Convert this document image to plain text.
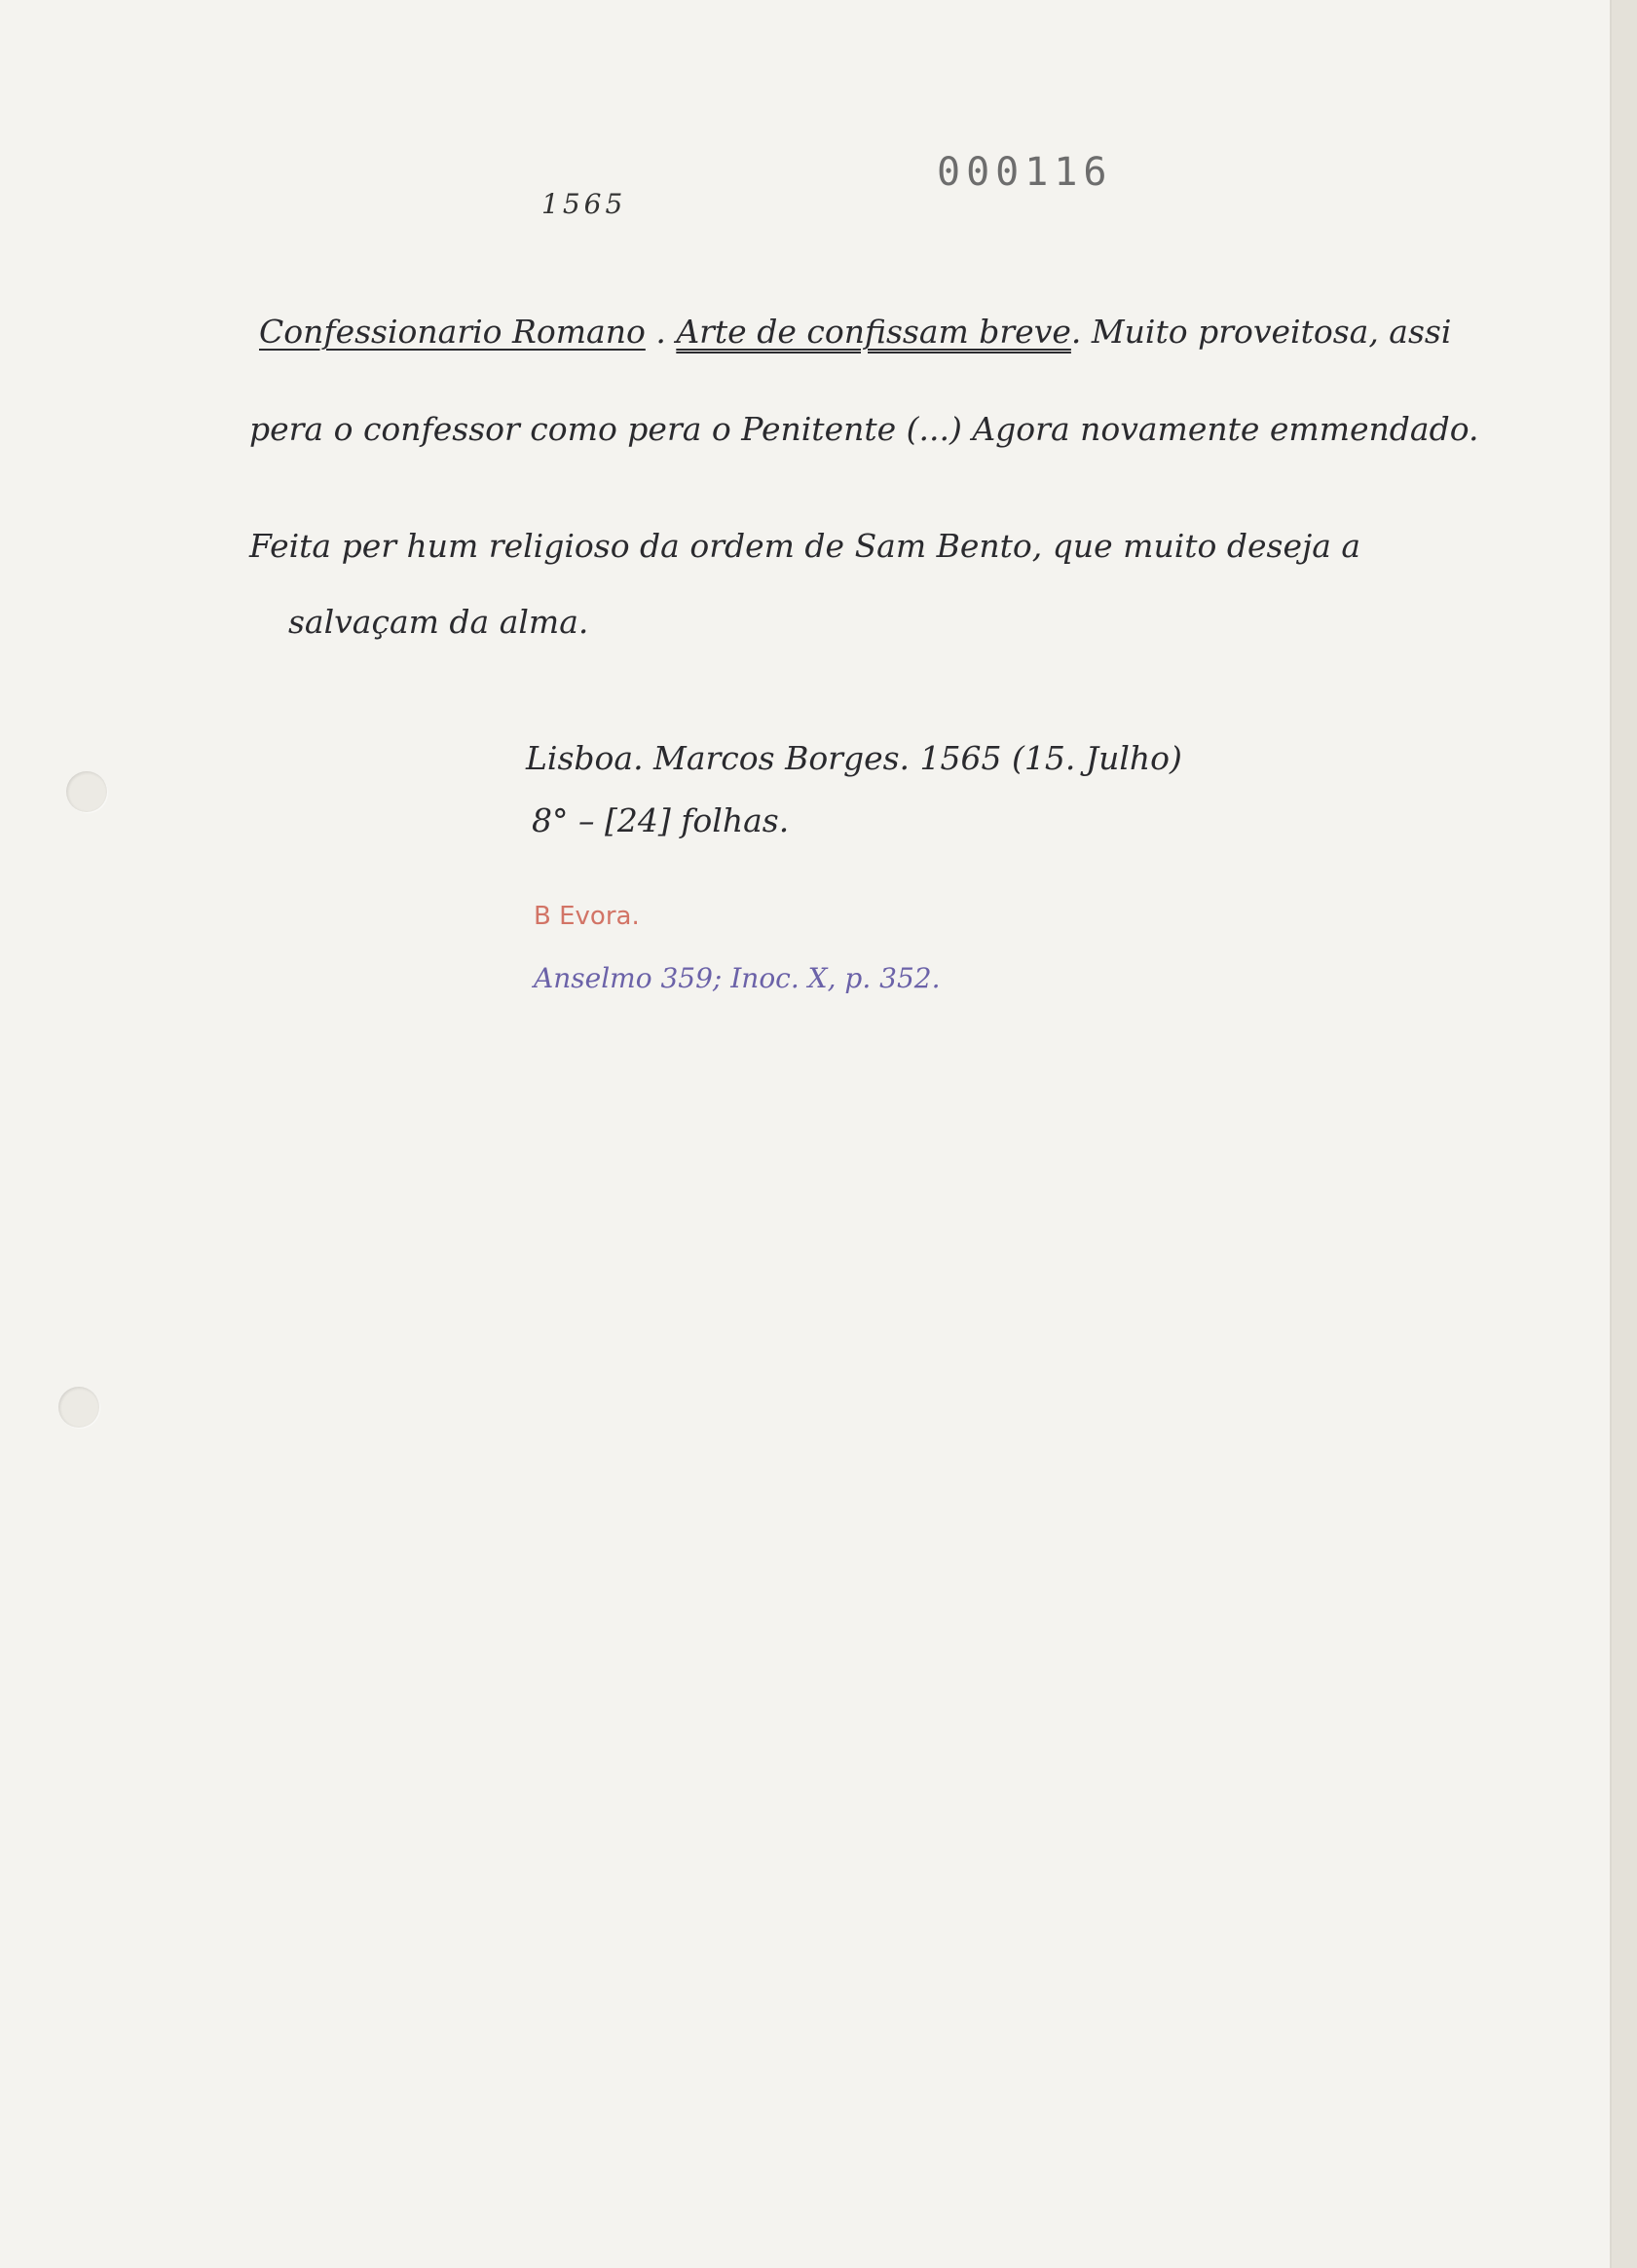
000116
1565
Confessionario Romano . Arte de confissam breve. Muito proveitosa, assi
pera o confessor como pera o Penitente (...) Agora novamente emmendado.
Feita per hum religioso da ordem de Sam Bento, que muito deseja a
salvaçam da alma.
Lisboa. Marcos Borges. 1565 (15. Julho)
8° – [24] folhas.
B Evora.
Anselmo 359; Inoc. X, p. 352.
